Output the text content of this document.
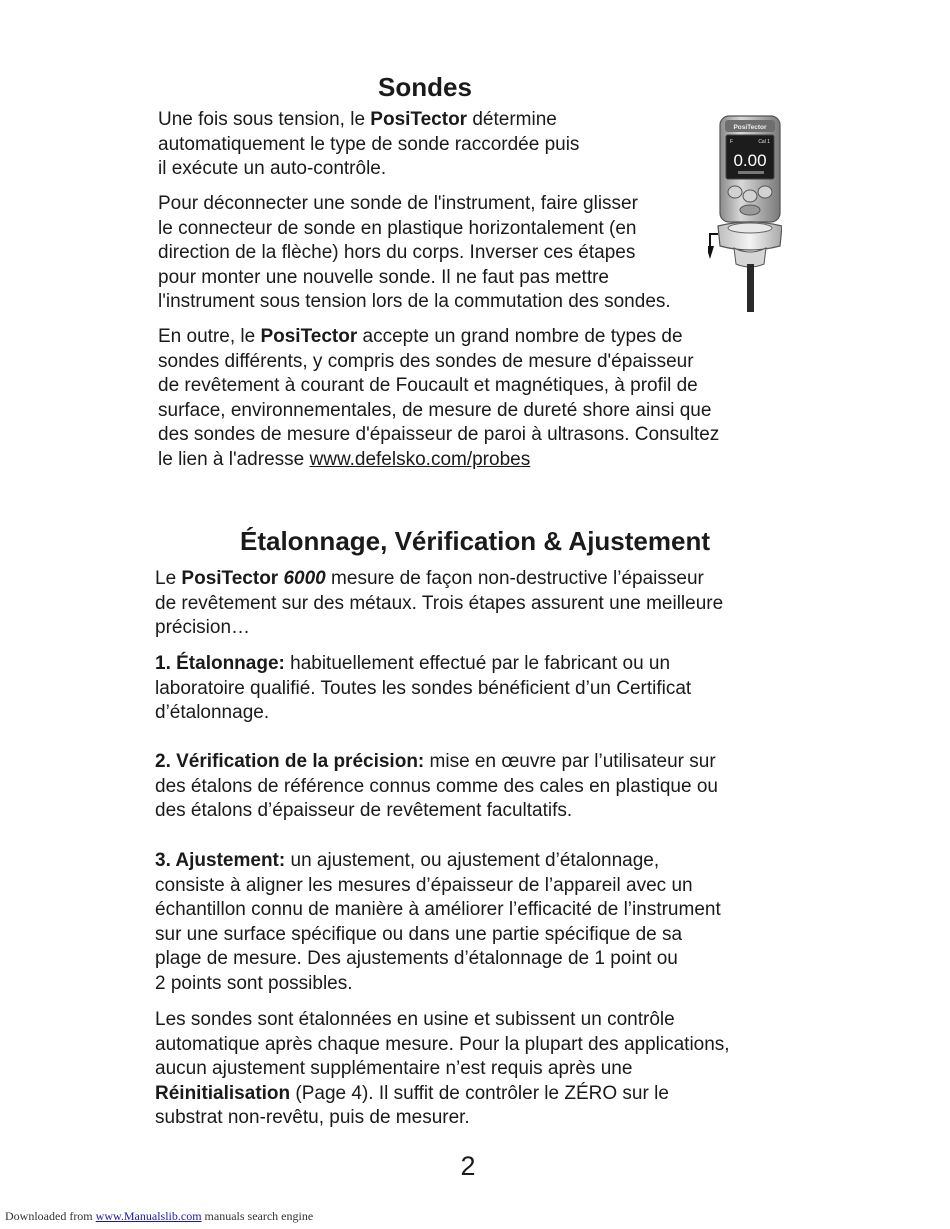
Sondes
Une fois sous tension, le PosiTector détermine
automatiquement le type de sonde raccordée puis
il exécute un auto-contrôle.
Pour déconnecter une sonde de l'instrument, faire glisser
le connecteur de sonde en plastique horizontalement (en
direction de la flèche) hors du corps. Inverser ces étapes
pour monter une nouvelle sonde. Il ne faut pas mettre
l'instrument sous tension lors de la commutation des sondes.
En outre, le PosiTector accepte un grand nombre de types de
sondes différents, y compris des sondes de mesure d'épaisseur
de revêtement à courant de Foucault et magnétiques, à profil de
surface, environnementales, de mesure de dureté shore ainsi que
des sondes de mesure d'épaisseur de paroi à ultrasons. Consultez
le lien à l'adresse www.defelsko.com/probes
PosiTector
F	Cal 1
0.00
Étalonnage, Vérification & Ajustement
Le PosiTector 6000 mesure de façon non-destructive l’épaisseur
de revêtement sur des métaux. Trois étapes assurent une meilleure
précision…
1. Étalonnage: habituellement effectué par le fabricant ou un
laboratoire qualifié. Toutes les sondes bénéficient d’un Certificat
d’étalonnage.
2. Vérification de la précision: mise en œuvre par l’utilisateur sur
des étalons de référence connus comme des cales en plastique ou
des étalons d’épaisseur de revêtement facultatifs.
3. Ajustement: un ajustement, ou ajustement d’étalonnage,
consiste à aligner les mesures d’épaisseur de l’appareil avec un
échantillon connu de manière à améliorer l’efficacité de l’instrument
sur une surface spécifique ou dans une partie spécifique de sa
plage de mesure. Des ajustements d’étalonnage de 1 point ou
2 points sont possibles.
Les sondes sont étalonnées en usine et subissent un contrôle
automatique après chaque mesure. Pour la plupart des applications,
aucun ajustement supplémentaire n’est requis après une
Réinitialisation (Page 4). Il suffit de contrôler le ZÉRO sur le
substrat non-revêtu, puis de mesurer.
2
Downloaded from www.Manualslib.com manuals search engine
